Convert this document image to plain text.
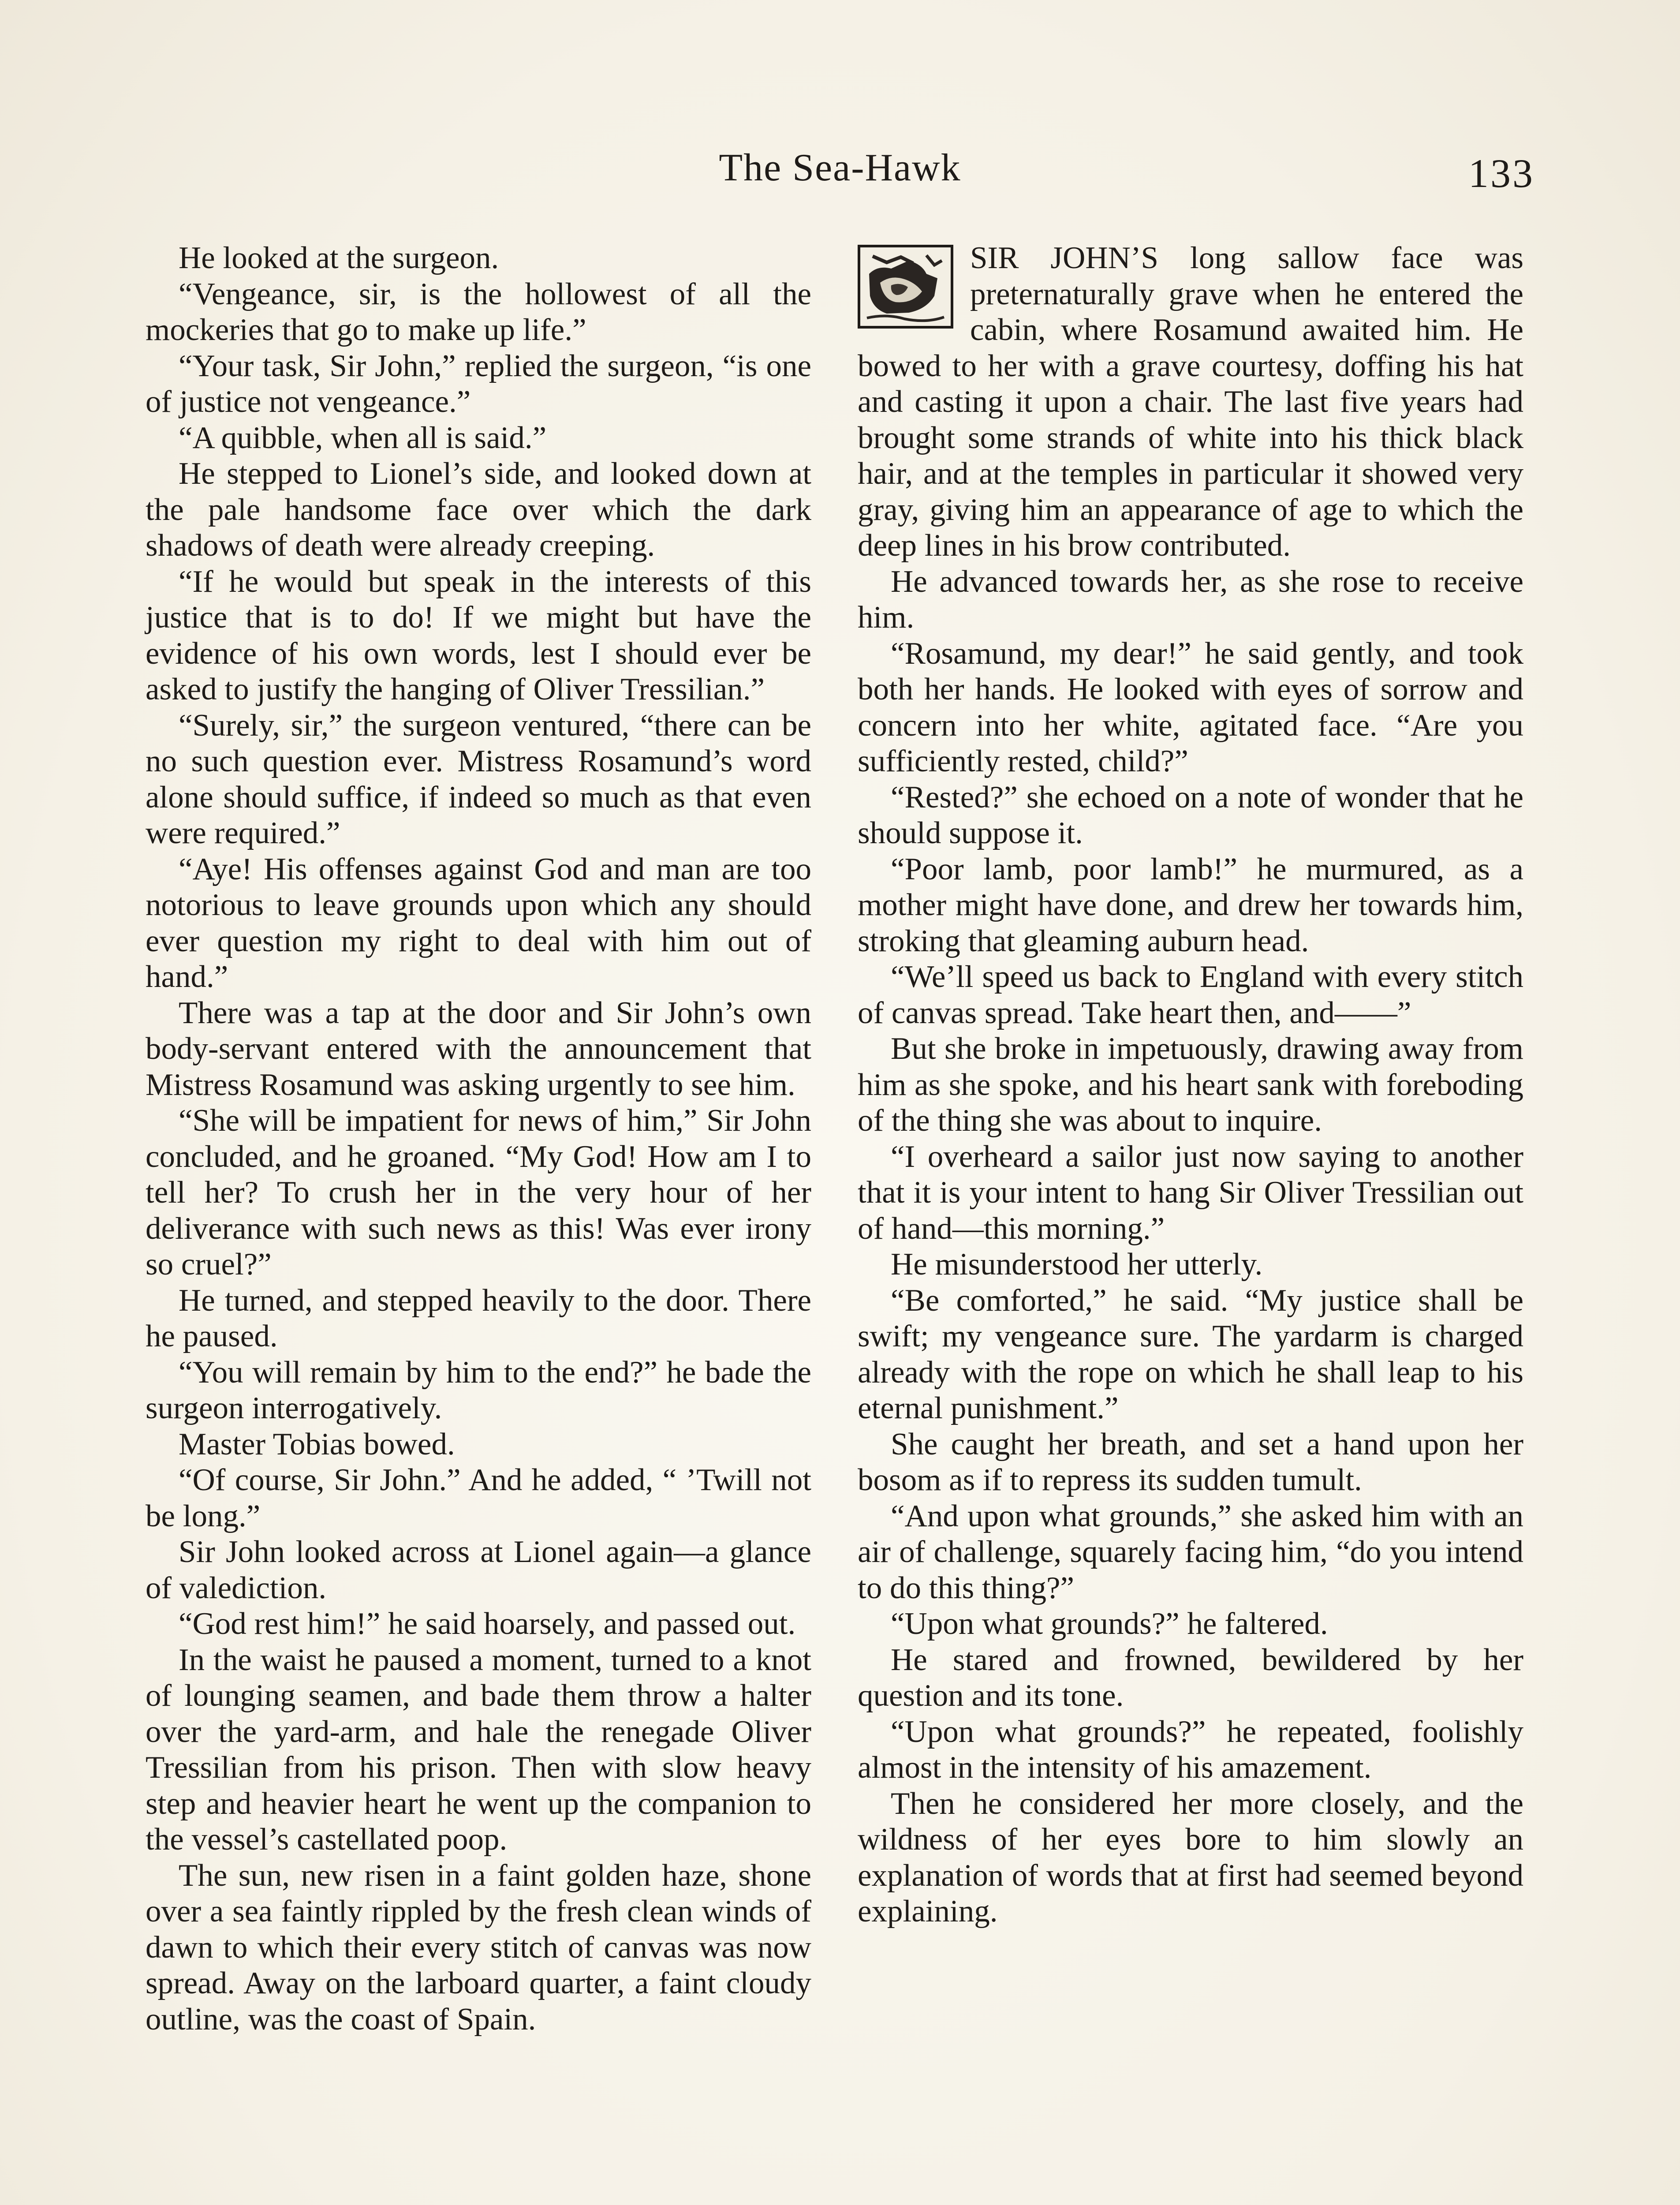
The Sea-Hawk	133

He looked at the surgeon.

“Vengeance, sir, is the hollowest of all the mockeries that go to make up life.”

“Your task, Sir John,” replied the surgeon, “is one of justice not vengeance.”

“A quibble, when all is said.”

He stepped to Lionel’s side, and looked down at the pale handsome face over which the dark shadows of death were already creeping.

“If he would but speak in the interests of this justice that is to do! If we might but have the evidence of his own words, lest I should ever be asked to justify the hanging of Oliver Tressilian.”

“Surely, sir,” the surgeon ventured, “there can be no such question ever. Mistress Rosamund’s word alone should suffice, if indeed so much as that even were required.”

“Aye! His offenses against God and man are too notorious to leave grounds upon which any should ever question my right to deal with him out of hand.”

There was a tap at the door and Sir John’s own body-servant entered with the announcement that Mistress Rosamund was asking urgently to see him.

“She will be impatient for news of him,” Sir John concluded, and he groaned. “My God! How am I to tell her? To crush her in the very hour of her deliverance with such news as this! Was ever irony so cruel?”

He turned, and stepped heavily to the door. There he paused.

“You will remain by him to the end?” he bade the surgeon interrogatively.

Master Tobias bowed.

“Of course, Sir John.” And he added, “ ’Twill not be long.”

Sir John looked across at Lionel again—a glance of valediction.

“God rest him!” he said hoarsely, and passed out.

In the waist he paused a moment, turned to a knot of lounging seamen, and bade them throw a halter over the yard-arm, and hale the renegade Oliver Tressilian from his prison. Then with slow heavy step and heavier heart he went up the companion to the vessel’s castellated poop.

The sun, new risen in a faint golden haze, shone over a sea faintly rippled by the fresh clean winds of dawn to which their every stitch of canvas was now spread. Away on the larboard quarter, a faint cloudy outline, was the coast of Spain.

SIR JOHN’S long sallow face was preternaturally grave when he entered the cabin, where Rosamund awaited him. He bowed to her with a grave courtesy, doffing his hat and casting it upon a chair. The last five years had brought some strands of white into his thick black hair, and at the temples in particular it showed very gray, giving him an appearance of age to which the deep lines in his brow contributed.

He advanced towards her, as she rose to receive him.

“Rosamund, my dear!” he said gently, and took both her hands. He looked with eyes of sorrow and concern into her white, agitated face. “Are you sufficiently rested, child?”

“Rested?” she echoed on a note of wonder that he should suppose it.

“Poor lamb, poor lamb!” he murmured, as a mother might have done, and drew her towards him, stroking that gleaming auburn head.

“We’ll speed us back to England with every stitch of canvas spread. Take heart then, and——”

But she broke in impetuously, drawing away from him as she spoke, and his heart sank with foreboding of the thing she was about to inquire.

“I overheard a sailor just now saying to another that it is your intent to hang Sir Oliver Tressilian out of hand—this morning.”

He misunderstood her utterly.

“Be comforted,” he said. “My justice shall be swift; my vengeance sure. The yardarm is charged already with the rope on which he shall leap to his eternal punishment.”

She caught her breath, and set a hand upon her bosom as if to repress its sudden tumult.

“And upon what grounds,” she asked him with an air of challenge, squarely facing him, “do you intend to do this thing?”

“Upon what grounds?” he faltered.

He stared and frowned, bewildered by her question and its tone.

“Upon what grounds?” he repeated, foolishly almost in the intensity of his amazement.

Then he considered her more closely, and the wildness of her eyes bore to him slowly an explanation of words that at first had seemed beyond explaining.
